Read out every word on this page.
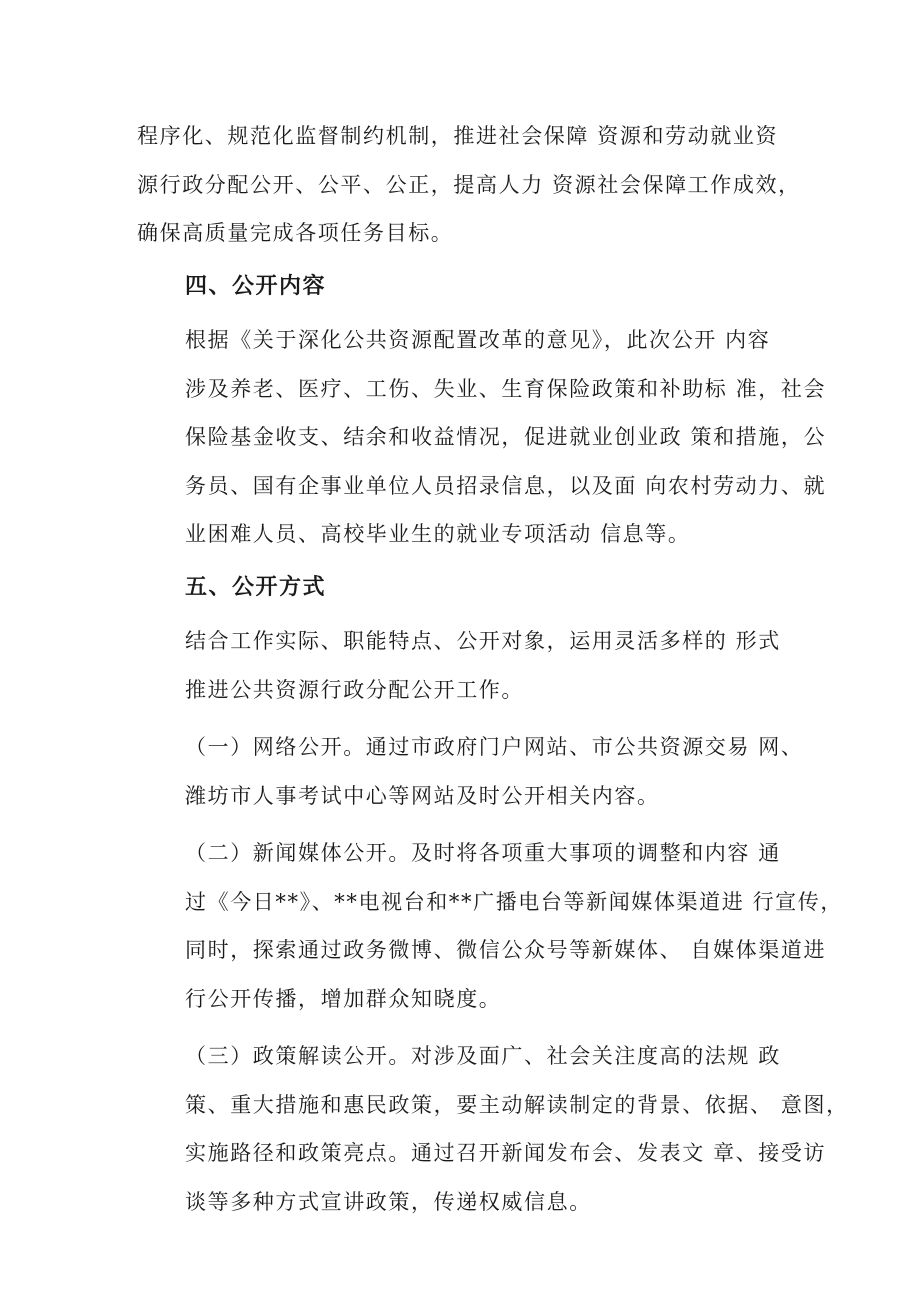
程序化、规范化监督制约机制，推进社会保障 资源和劳动就业资
源行政分配公开、公平、公正，提高人力 资源社会保障工作成效，
确保高质量完成各项任务目标。

四、公开内容

根据《关于深化公共资源配置改革的意见》，此次公开 内容
涉及养老、医疗、工伤、失业、生育保险政策和补助标 准，社会
保险基金收支、结余和收益情况，促进就业创业政 策和措施，公
务员、国有企事业单位人员招录信息，以及面 向农村劳动力、就
业困难人员、高校毕业生的就业专项活动 信息等。

五、公开方式

结合工作实际、职能特点、公开对象，运用灵活多样的 形式
推进公共资源行政分配公开工作。

（一）网络公开。通过市政府门户网站、市公共资源交易 网、
潍坊市人事考试中心等网站及时公开相关内容。

（二）新闻媒体公开。及时将各项重大事项的调整和内容 通
过《今日**》、**电视台和**广播电台等新闻媒体渠道进 行宣传，
同时，探索通过政务微博、微信公众号等新媒体、 自媒体渠道进
行公开传播，增加群众知晓度。

（三）政策解读公开。对涉及面广、社会关注度高的法规 政
策、重大措施和惠民政策，要主动解读制定的背景、依据、 意图，
实施路径和政策亮点。通过召开新闻发布会、发表文 章、接受访
谈等多种方式宣讲政策，传递权威信息。
